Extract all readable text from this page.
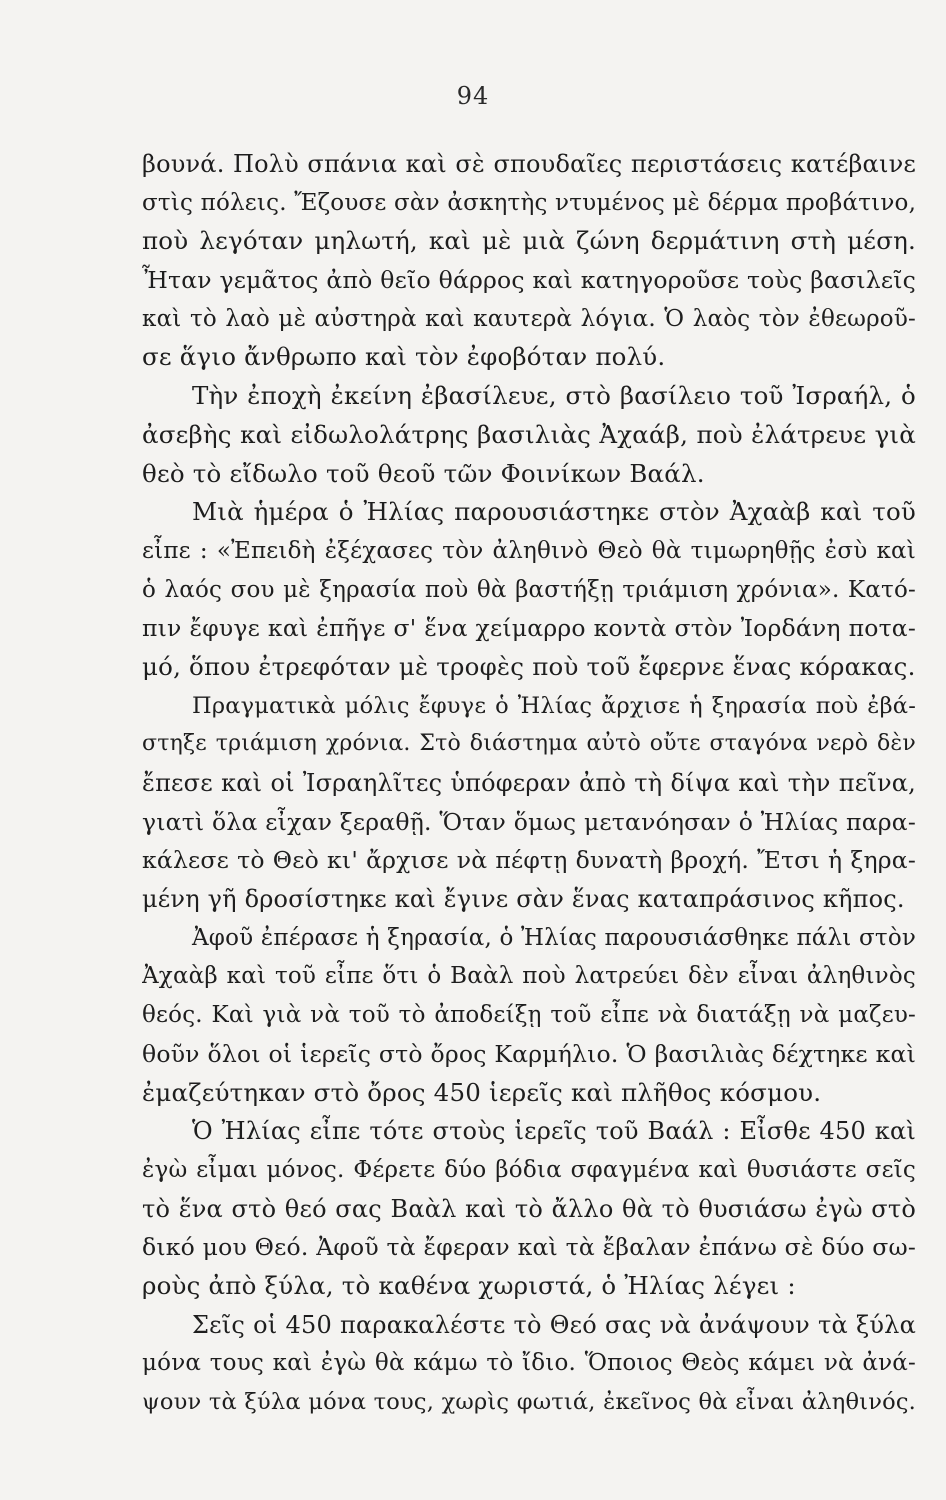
94
βουνά. Πολὺ σπάνια καὶ σὲ σπουδαῖες περιστάσεις κατέβαινε
στὶς πόλεις. Ἔζουσε σὰν ἀσκητὴς ντυμένος μὲ δέρμα προβάτινο,
ποὺ λεγόταν μηλωτή, καὶ μὲ μιὰ ζώνη δερμάτινη στὴ μέση.
Ἦταν γεμᾶτος ἀπὸ θεῖο θάρρος καὶ κατηγοροῦσε τοὺς βασιλεῖς
καὶ τὸ λαὸ μὲ αὐστηρὰ καὶ καυτερὰ λόγια. Ὁ λαὸς τὸν ἐθεωροῦ-
σε ἅγιο ἄνθρωπο καὶ τὸν ἐφοβόταν πολύ.
Τὴν ἐποχὴ ἐκείνη ἐβασίλευε, στὸ βασίλειο τοῦ Ἰσραήλ, ὁ
ἀσεβὴς καὶ εἰδωλολάτρης βασιλιὰς Ἀχαάβ, ποὺ ἐλάτρευε γιὰ
θεὸ τὸ εἴδωλο τοῦ θεοῦ τῶν Φοινίκων Βαάλ.
Μιὰ ἡμέρα ὁ Ἠλίας παρουσιάστηκε στὸν Ἀχαὰβ καὶ τοῦ
εἶπε : «Ἐπειδὴ ἐξέχασες τὸν ἀληθινὸ Θεὸ θὰ τιμωρηθῇς ἐσὺ καὶ
ὁ λαός σου μὲ ξηρασία ποὺ θὰ βαστήξῃ τριάμιση χρόνια». Κατό-
πιν ἔφυγε καὶ ἐπῆγε σ' ἕνα χείμαρρο κοντὰ στὸν Ἰορδάνη ποτα-
μό, ὅπου ἐτρεφόταν μὲ τροφὲς ποὺ τοῦ ἔφερνε ἕνας κόρακας.
Πραγματικὰ μόλις ἔφυγε ὁ Ἠλίας ἄρχισε ἡ ξηρασία ποὺ ἐβά-
στηξε τριάμιση χρόνια. Στὸ διάστημα αὐτὸ οὔτε σταγόνα νερὸ δὲν
ἔπεσε καὶ οἱ Ἰσραηλῖτες ὑπόφεραν ἀπὸ τὴ δίψα καὶ τὴν πεῖνα,
γιατὶ ὅλα εἶχαν ξεραθῇ. Ὅταν ὅμως μετανόησαν ὁ Ἠλίας παρα-
κάλεσε τὸ Θεὸ κι' ἄρχισε νὰ πέφτῃ δυνατὴ βροχή. Ἔτσι ἡ ξηρα-
μένη γῆ δροσίστηκε καὶ ἔγινε σὰν ἕνας καταπράσινος κῆπος.
Ἀφοῦ ἐπέρασε ἡ ξηρασία, ὁ Ἠλίας παρουσιάσθηκε πάλι στὸν
Ἀχαὰβ καὶ τοῦ εἶπε ὅτι ὁ Βαὰλ ποὺ λατρεύει δὲν εἶναι ἀληθινὸς
θεός. Καὶ γιὰ νὰ τοῦ τὸ ἀποδείξῃ τοῦ εἶπε νὰ διατάξῃ νὰ μαζευ-
θοῦν ὅλοι οἱ ἱερεῖς στὸ ὄρος Καρμήλιο. Ὁ βασιλιὰς δέχτηκε καὶ
ἐμαζεύτηκαν στὸ ὄρος 450 ἱερεῖς καὶ πλῆθος κόσμου.
Ὁ Ἠλίας εἶπε τότε στοὺς ἱερεῖς τοῦ Βαάλ : Εἶσθε 450 καὶ
ἐγὼ εἶμαι μόνος. Φέρετε δύο βόδια σφαγμένα καὶ θυσιάστε σεῖς
τὸ ἕνα στὸ θεό σας Βαὰλ καὶ τὸ ἄλλο θὰ τὸ θυσιάσω ἐγὼ στὸ
δικό μου Θεό. Ἀφοῦ τὰ ἔφεραν καὶ τὰ ἔβαλαν ἐπάνω σὲ δύο σω-
ροὺς ἀπὸ ξύλα, τὸ καθένα χωριστά, ὁ Ἠλίας λέγει :
Σεῖς οἱ 450 παρακαλέστε τὸ Θεό σας νὰ ἀνάψουν τὰ ξύλα
μόνα τους καὶ ἐγὼ θὰ κάμω τὸ ἴδιο. Ὅποιος Θεὸς κάμει νὰ ἀνά-
ψουν τὰ ξύλα μόνα τους, χωρὶς φωτιά, ἐκεῖνος θὰ εἶναι ἀληθινός.
